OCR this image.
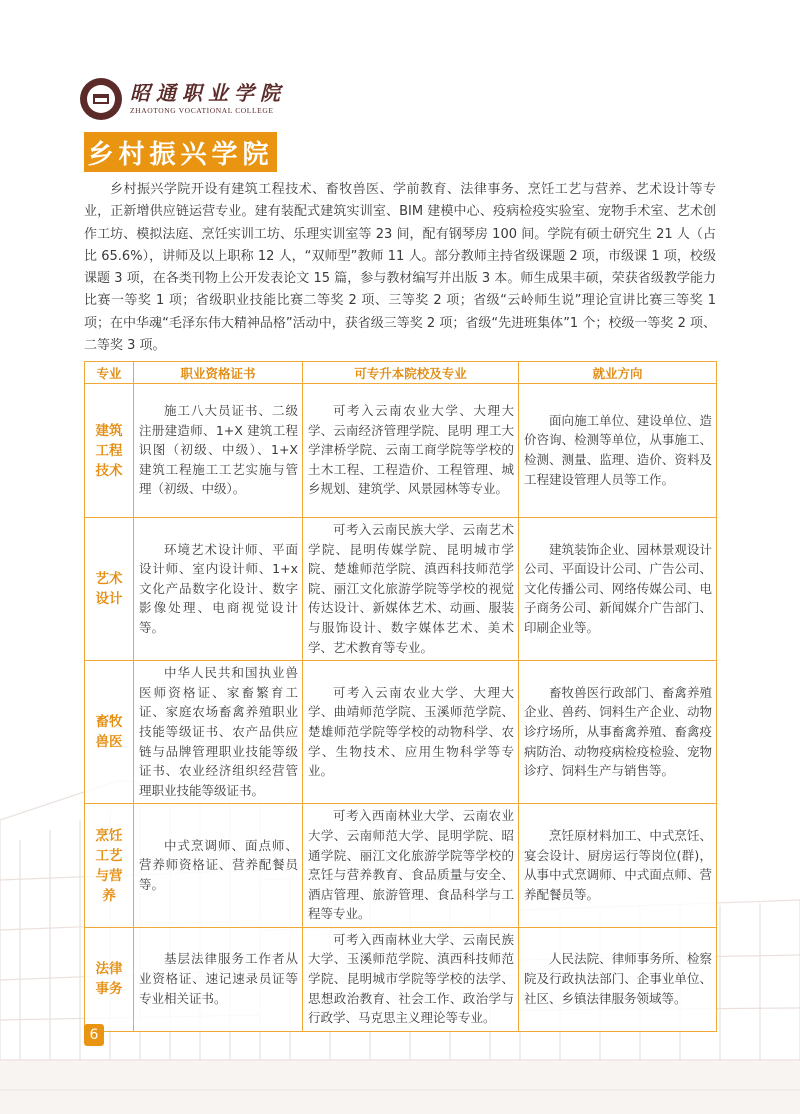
昭通职业学院
ZHAOTONG VOCATIONAL COLLEGE
乡村振兴学院

乡村振兴学院开设有建筑工程技术、畜牧兽医、学前教育、法律事务、烹饪工艺与营养、艺术设计等专业，正新增供应链运营专业。建有装配式建筑实训室、BIM 建模中心、疫病检疫实验室、宠物手术室、艺术创作工坊、模拟法庭、烹饪实训工坊、乐理实训室等 23 间，配有钢琴房 100 间。学院有硕士研究生 21 人（占比 65.6%），讲师及以上职称 12 人，“双师型”教师 11 人。部分教师主持省级课题 2 项，市级课 1 项，校级课题 3 项，在各类刊物上公开发表论文 15 篇，参与教材编写并出版 3 本。师生成果丰硕，荣获省级教学能力比赛一等奖 1 项；省级职业技能比赛二等奖 2 项、三等奖 2 项；省级“云岭师生说”理论宣讲比赛三等奖 1 项；在中华魂“毛泽东伟大精神品格”活动中，获省级三等奖 2 项；省级“先进班集体”1 个；校级一等奖 2 项、二等奖 3 项。

专业	职业资格证书	可专升本院校及专业	就业方向
建筑工程技术	施工八大员证书、二级注册建造师、1+X 建筑工程识图（初级、中级）、1+X 建筑工程施工工艺实施与管理（初级、中级）。	可考入云南农业大学、大理大学、云南经济管理学院、昆明 理工大学津桥学院、云南工商学院等学校的土木工程、工程造价、工程管理、城乡规划、建筑学、风景园林等专业。	面向施工单位、建设单位、造价咨询、检测等单位，从事施工、检测、测量、监理、造价、资料及工程建设管理人员等工作。

艺术设计	环境艺术设计师、平面设计师、室内设计师、1+x 文化产品数字化设计、数字影像处理、电商视觉设计等。	可考入云南民族大学、云南艺术学院、昆明传媒学院、昆明城市学院、楚雄师范学院、滇西科技师范学院、丽江文化旅游学院等学校的视觉传达设计、新媒体艺术、动画、服装与服饰设计、数字媒体艺术、美术学、艺术教育等专业。	建筑装饰企业、园林景观设计公司、平面设计公司、广告公司、文化传播公司、网络传媒公司、电子商务公司、新闻媒介广告部门、印刷企业等。

畜牧兽医	中华人民共和国执业兽医师资格证、家畜繁育工证、家庭农场畜禽养殖职业技能等级证书、农产品供应链与品牌管理职业技能等级证书、农业经济组织经营管理职业技能等级证书。	可考入云南农业大学、大理大学、曲靖师范学院、玉溪师范学院、楚雄师范学院等学校的动物科学、农学、生物技术、应用生物科学等专业。	畜牧兽医行政部门、畜禽养殖企业、兽药、饲料生产企业、动物诊疗场所，从事畜禽养殖、畜禽疫病防治、动物疫病检疫检验、宠物诊疗、饲料生产与销售等。

烹饪工艺与营养	中式烹调师、面点师、营养师资格证、营养配餐员等。	可考入西南林业大学、云南农业大学、云南师范大学、昆明学院、昭通学院、丽江文化旅游学院等学校的烹饪与营养教育、食品质量与安全、酒店管理、旅游管理、食品科学与工程等专业。	烹饪原材料加工、中式烹饪、宴会设计、厨房运行等岗位(群)，从事中式烹调师、中式面点师、营养配餐员等。

法律事务	基层法律服务工作者从业资格证、速记速录员证等专业相关证书。	可考入西南林业大学、云南民族大学、玉溪师范学院、滇西科技师范学院、昆明城市学院等学校的法学、思想政治教育、社会工作、政治学与行政学、马克思主义理论等专业。	人民法院、律师事务所、检察院及行政执法部门、企事业单位、社区、乡镇法律服务领域等。
6
